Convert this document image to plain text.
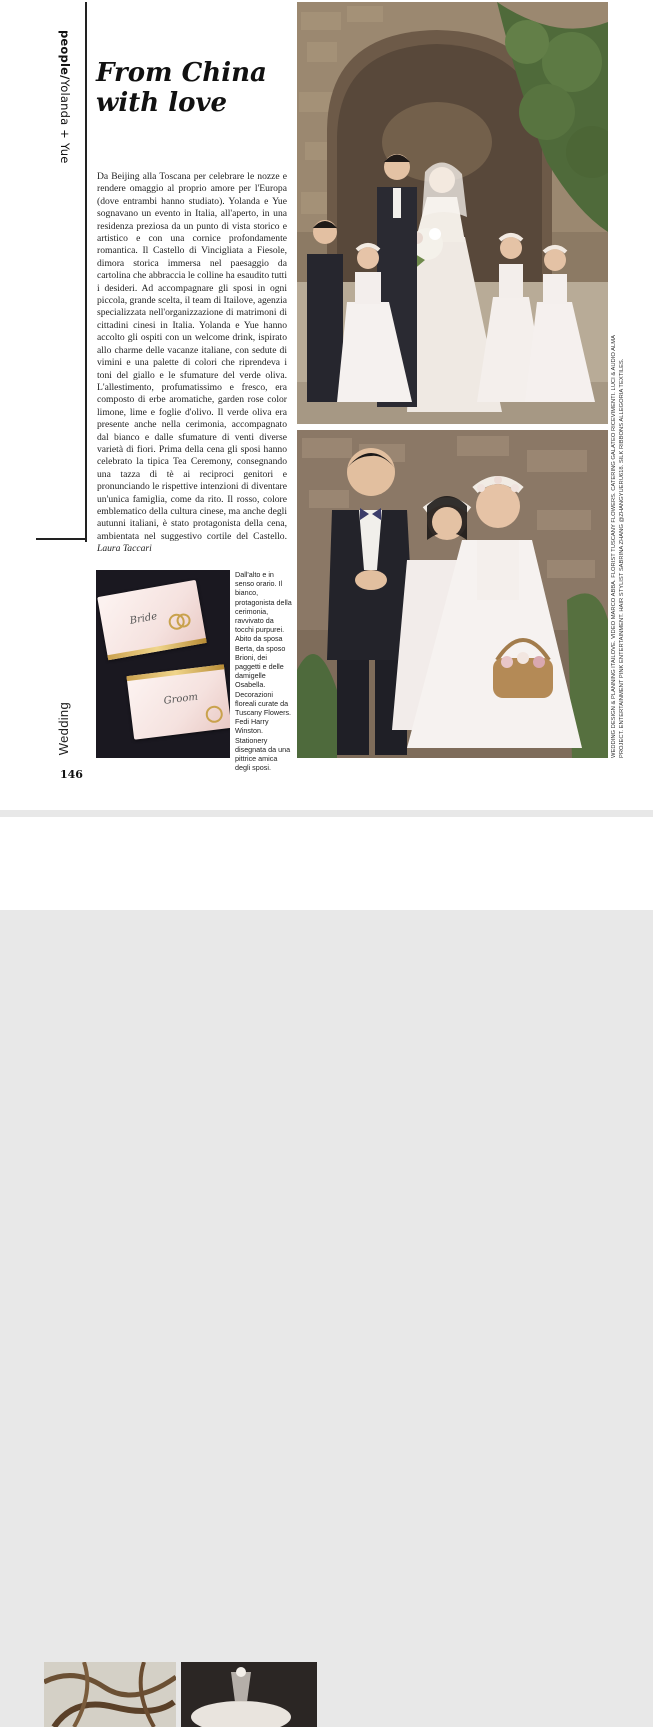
people/Yolanda + Yue
From China with love

Da Beijing alla Toscana per celebrare le nozze e rendere omaggio al proprio amore per l'Europa (dove entrambi hanno studiato). Yolanda e Yue sognavano un evento in Italia, all'aperto, in una residenza preziosa da un punto di vista storico e artistico e con una cornice profondamente romantica. Il Castello di Vincigliata a Fiesole, dimora storica immersa nel paesaggio da cartolina che abbraccia le colline ha esaudito tutti i desideri. Ad accompagnare gli sposi in ogni piccola, grande scelta, il team di Itailove, agenzia specializzata nell'organizzazione di matrimoni di cittadini cinesi in Italia. Yolanda e Yue hanno accolto gli ospiti con un welcome drink, ispirato allo charme delle vacanze italiane, con sedute di vimini e una palette di colori che riprendeva i toni del giallo e le sfumature del verde oliva. L'allestimento, profumatissimo e fresco, era composto di erbe aromatiche, garden rose color limone, lime e foglie d'olivo. Il verde oliva era presente anche nella cerimonia, accompagnato dal bianco e dalle sfumature di venti diverse varietà di fiori. Prima della cena gli sposi hanno celebrato la tipica Tea Ceremony, consegnando una tazza di tè ai reciproci genitori e pronunciando le rispettive intenzioni di diventare un'unica famiglia, come da rito. Il rosso, colore emblematico della cultura cinese, ma anche degli autunni italiani, è stato protagonista della cena, ambientata nel suggestivo cortile del Castello. Laura Taccari

Bride
Groom

Dall'alto e in senso orario. Il bianco, protagonista della cerimonia, ravvivato da tocchi purpurei. Abito da sposa Berta, da sposo Brioni, dei paggetti e delle damigelle Osabella. Decorazioni floreali curate da Tuscany Flowers. Fedi Harry Winston. Stationery disegnata da una pittrice amica degli sposi.

Wedding
146
WEDDING DESIGN & PLANNING ITAILOVE. VIDEO MARCO ABBA. FLORIST TUSCANY FLOWERS. CATERING GALATEO RICEVIMENTI. LUCI & AUDIO ALMA PROJECT. ENTERTAINMENT PINK ENTERTAINMENT. HAIR STYLIST SABRINA ZHANG @ZHANGYUERU618. SILK RIBBONS ALLEGORIA TEXTILES.
